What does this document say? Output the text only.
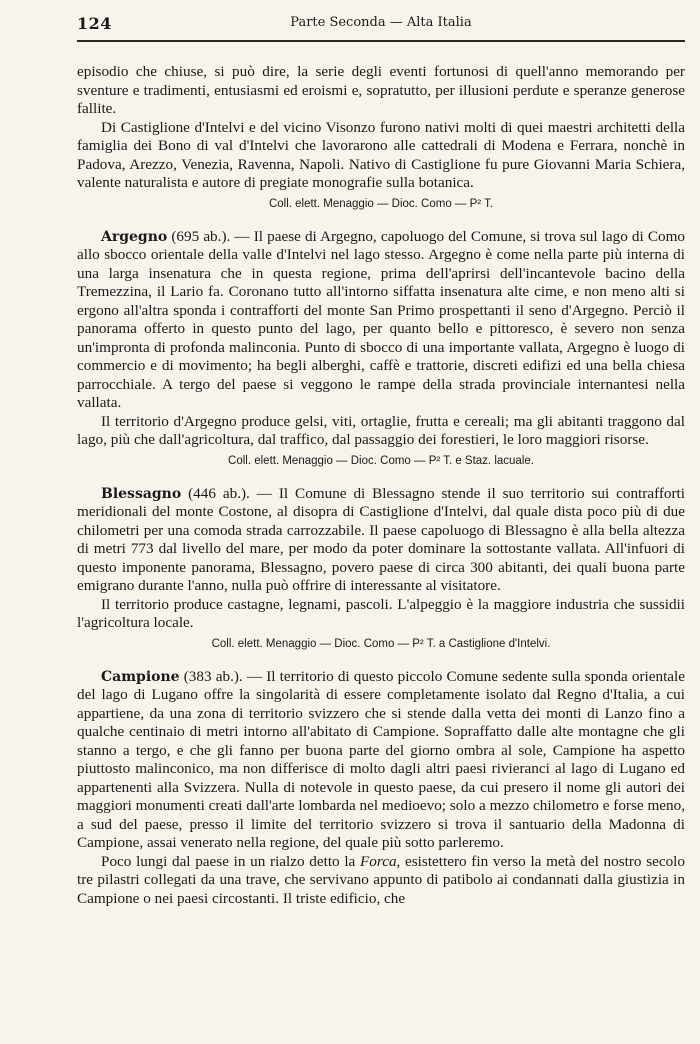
124	Parte Seconda — Alta Italia

episodio che chiuse, si può dire, la serie degli eventi fortunosi di quell'anno memorando per sventure e tradimenti, entusiasmi ed eroismi e, sopratutto, per illusioni perdute e speranze generose fallite.

Di Castiglione d'Intelvi e del vicino Visonzo furono nativi molti di quei maestri architetti della famiglia dei Bono di val d'Intelvi che lavorarono alle cattedrali di Modena e Ferrara, nonchè in Padova, Arezzo, Venezia, Ravenna, Napoli. Nativo di Castiglione fu pure Giovanni Maria Schiera, valente naturalista e autore di pregiate monografie sulla botanica.

Coll. elett. Menaggio — Dioc. Como — P² T.

Argegno (695 ab.). — Il paese di Argegno, capoluogo del Comune, si trova sul lago di Como allo sbocco orientale della valle d'Intelvi nel lago stesso. Argegno è come nella parte più interna di una larga insenatura che in questa regione, prima dell'aprirsi dell'incantevole bacino della Tremezzina, il Lario fa. Coronano tutto all'intorno siffatta insenatura alte cime, e non meno alti si ergono all'altra sponda i contrafforti del monte San Primo prospettanti il seno d'Argegno. Perciò il panorama offerto in questo punto del lago, per quanto bello e pittoresco, è severo non senza un'impronta di profonda malinconia. Punto di sbocco di una importante vallata, Argegno è luogo di commercio e di movimento; ha begli alberghi, caffè e trattorie, discreti edifizi ed una bella chiesa parrocchiale. A tergo del paese si veggono le rampe della strada provinciale internantesi nella vallata.

Il territorio d'Argegno produce gelsi, viti, ortaglie, frutta e cereali; ma gli abitanti traggono dal lago, più che dall'agricoltura, dal traffico, dal passaggio dei forestieri, le loro maggiori risorse.

Coll. elett. Menaggio — Dioc. Como — P² T. e Staz. lacuale.

Blessagno (446 ab.). — Il Comune di Blessagno stende il suo territorio sui contrafforti meridionali del monte Costone, al disopra di Castiglione d'Intelvi, dal quale dista poco più di due chilometri per una comoda strada carrozzabile. Il paese capoluogo di Blessagno è alla bella altezza di metri 773 dal livello del mare, per modo da poter dominare la sottostante vallata. All'infuori di questo imponente panorama, Blessagno, povero paese di circa 300 abitanti, dei quali buona parte emigrano durante l'anno, nulla può offrire di interessante al visitatore.

Il territorio produce castagne, legnami, pascoli. L'alpeggio è la maggiore industria che sussidii l'agricoltura locale.

Coll. elett. Menaggio — Dioc. Como — P² T. a Castiglione d'Intelvi.

Campione (383 ab.). — Il territorio di questo piccolo Comune sedente sulla sponda orientale del lago di Lugano offre la singolarità di essere completamente isolato dal Regno d'Italia, a cui appartiene, da una zona di territorio svizzero che si stende dalla vetta dei monti di Lanzo fino a qualche centinaio di metri intorno all'abitato di Campione. Sopraffatto dalle alte montagne che gli stanno a tergo, e che gli fanno per buona parte del giorno ombra al sole, Campione ha aspetto piuttosto malinconico, ma non differisce di molto dagli altri paesi rivieranci al lago di Lugano ed appartenenti alla Svizzera. Nulla di notevole in questo paese, da cui presero il nome gli autori dei maggiori monumenti creati dall'arte lombarda nel medioevo; solo a mezzo chilometro e forse meno, a sud del paese, presso il limite del territorio svizzero si trova il santuario della Madonna di Campione, assai venerato nella regione, del quale più sotto parleremo.

Poco lungi dal paese in un rialzo detto la Forca, esistettero fin verso la metà del nostro secolo tre pilastri collegati da una trave, che servivano appunto di patibolo ai condannati dalla giustizia in Campione o nei paesi circostanti. Il triste edificio, che
